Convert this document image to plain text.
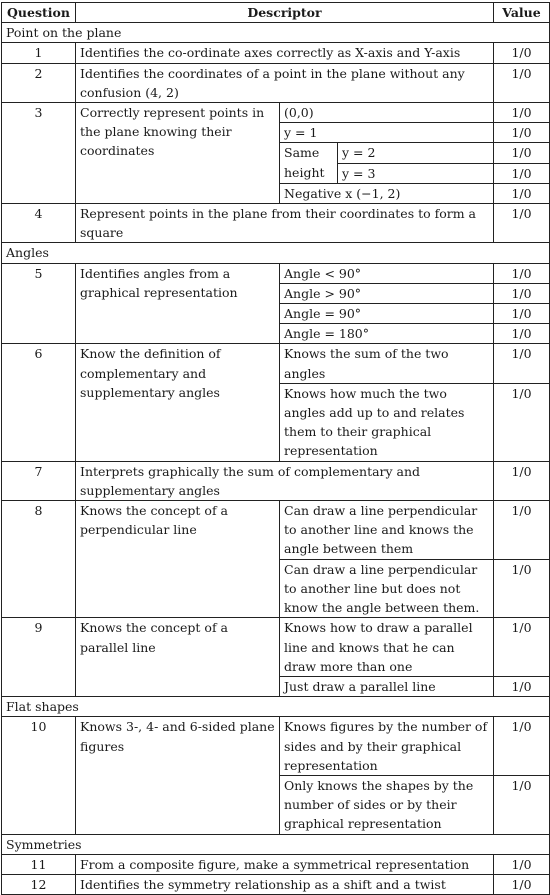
Question	Descriptor			Value
Point on the plane				
1	Identifies the co-ordinate axes correctly as X-axis and Y-axis			1/0
2	Identifies the coordinates of a point in the plane without any confusion (4, 2)			1/0
3	Correctly represent points in the plane knowing their coordinates	(0,0)		1/0
		y = 1		1/0
		Same height	y = 2	1/0
			y = 3	1/0
		Negative x (−1, 2)		1/0
4	Represent points in the plane from their coordinates to form a square			1/0
Angles				
5	Identifies angles from a graphical representation	Angle < 90°		1/0
		Angle > 90°		1/0
		Angle = 90°		1/0
		Angle = 180°		1/0
6	Know the definition of complementary and supplementary angles	Knows the sum of the two angles		1/0
		Knows how much the two angles add up to and relates them to their graphical representation		1/0
7	Interprets graphically the sum of complementary and supplementary angles			1/0
8	Knows the concept of a perpendicular line	Can draw a line perpendicular to another line and knows the angle between them		1/0
		Can draw a line perpendicular to another line but does not know the angle between them.		1/0
9	Knows the concept of a parallel line	Knows how to draw a parallel line and knows that he can draw more than one		1/0
		Just draw a parallel line		1/0
Flat shapes				
10	Knows 3-, 4- and 6-sided plane figures	Knows figures by the number of sides and by their graphical representation		1/0
		Only knows the shapes by the number of sides or by their graphical representation		1/0
Symmetries				
11	From a composite figure, make a symmetrical representation			1/0
12	Identifies the symmetry relationship as a shift and a twist			1/0
